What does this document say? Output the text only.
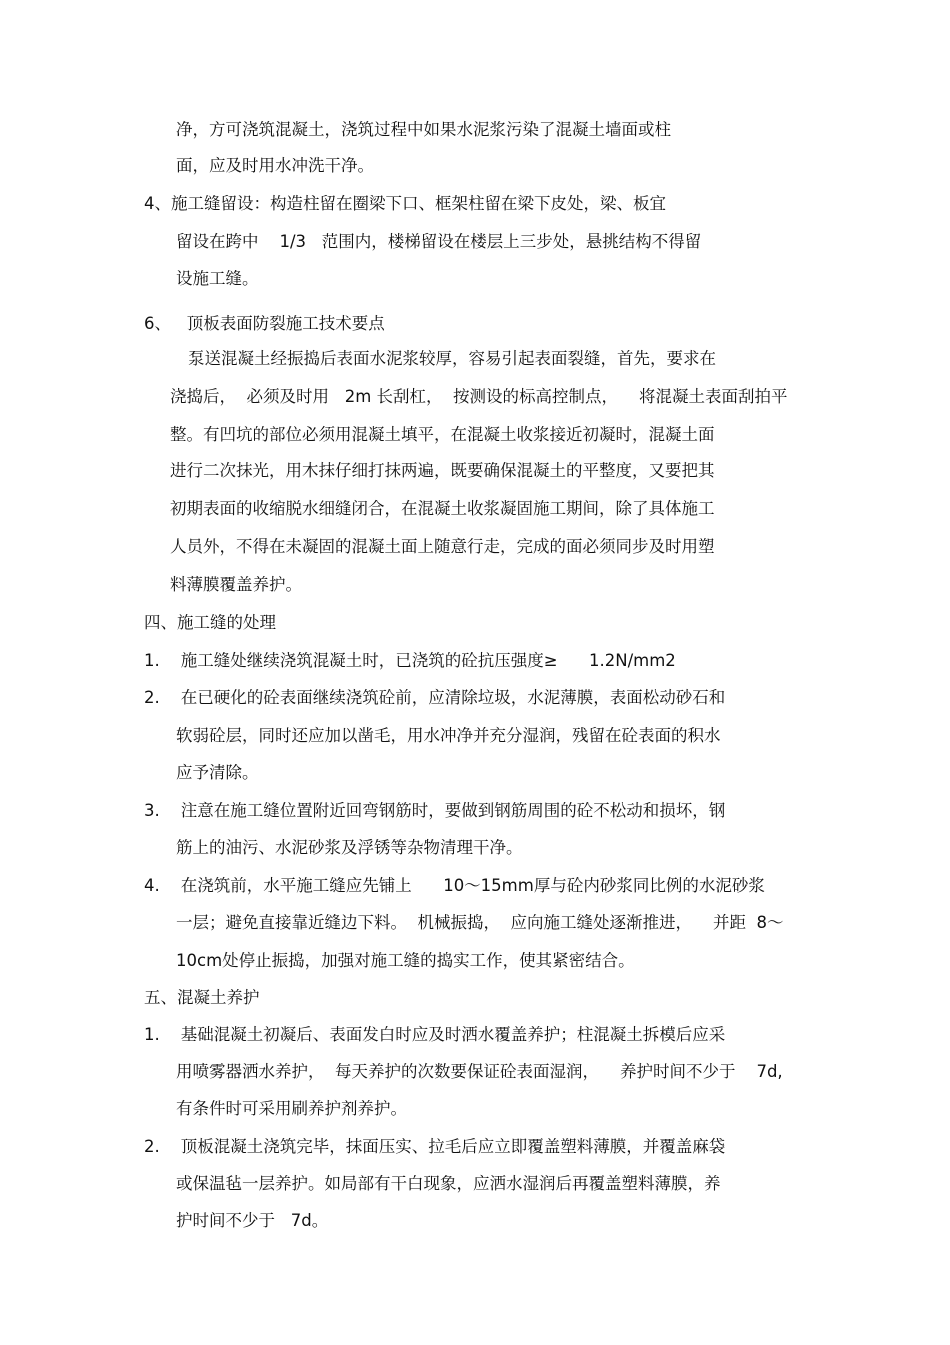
净，方可浇筑混凝土，浇筑过程中如果水泥浆污染了混凝土墙面或柱
面，应及时用水冲洗干净。
4、施工缝留设：构造柱留在圈梁下口、框架柱留在梁下皮处，梁、板宜
留设在跨中    1/3   范围内，楼梯留设在楼层上三步处，悬挑结构不得留
设施工缝。
6、   顶板表面防裂施工技术要点
泵送混凝土经振捣后表面水泥浆较厚，容易引起表面裂缝，首先，要求在
浇捣后，  必须及时用   2m 长刮杠，  按测设的标高控制点，    将混凝土表面刮拍平
整。有凹坑的部位必须用混凝土填平，在混凝土收浆接近初凝时，混凝土面
进行二次抹光，用木抹仔细打抹两遍，既要确保混凝土的平整度，又要把其
初期表面的收缩脱水细缝闭合，在混凝土收浆凝固施工期间，除了具体施工
人员外，不得在未凝固的混凝土面上随意行走，完成的面必须同步及时用塑
料薄膜覆盖养护。
四、施工缝的处理
1.    施工缝处继续浇筑混凝土时，已浇筑的砼抗压强度≥      1.2N/mm2
2.    在已硬化的砼表面继续浇筑砼前，应清除垃圾，水泥薄膜，表面松动砂石和
软弱砼层，同时还应加以凿毛，用水冲净并充分湿润，残留在砼表面的积水
应予清除。
3.    注意在施工缝位置附近回弯钢筋时，要做到钢筋周围的砼不松动和损坏，钢
筋上的油污、水泥砂浆及浮锈等杂物清理干净。
4.    在浇筑前，水平施工缝应先铺上      10～15mm厚与砼内砂浆同比例的水泥砂浆
一层；避免直接靠近缝边下料。  机械振捣，  应向施工缝处逐渐推进，    并距  8～
10cm处停止振捣，加强对施工缝的捣实工作，使其紧密结合。
五、混凝土养护
1.    基础混凝土初凝后、表面发白时应及时洒水覆盖养护；柱混凝土拆模后应采
用喷雾器洒水养护，  每天养护的次数要保证砼表面湿润，    养护时间不少于    7d,
有条件时可采用刷养护剂养护。
2.    顶板混凝土浇筑完毕，抹面压实、拉毛后应立即覆盖塑料薄膜，并覆盖麻袋
或保温毡一层养护。如局部有干白现象，应洒水湿润后再覆盖塑料薄膜，养
护时间不少于   7d。
